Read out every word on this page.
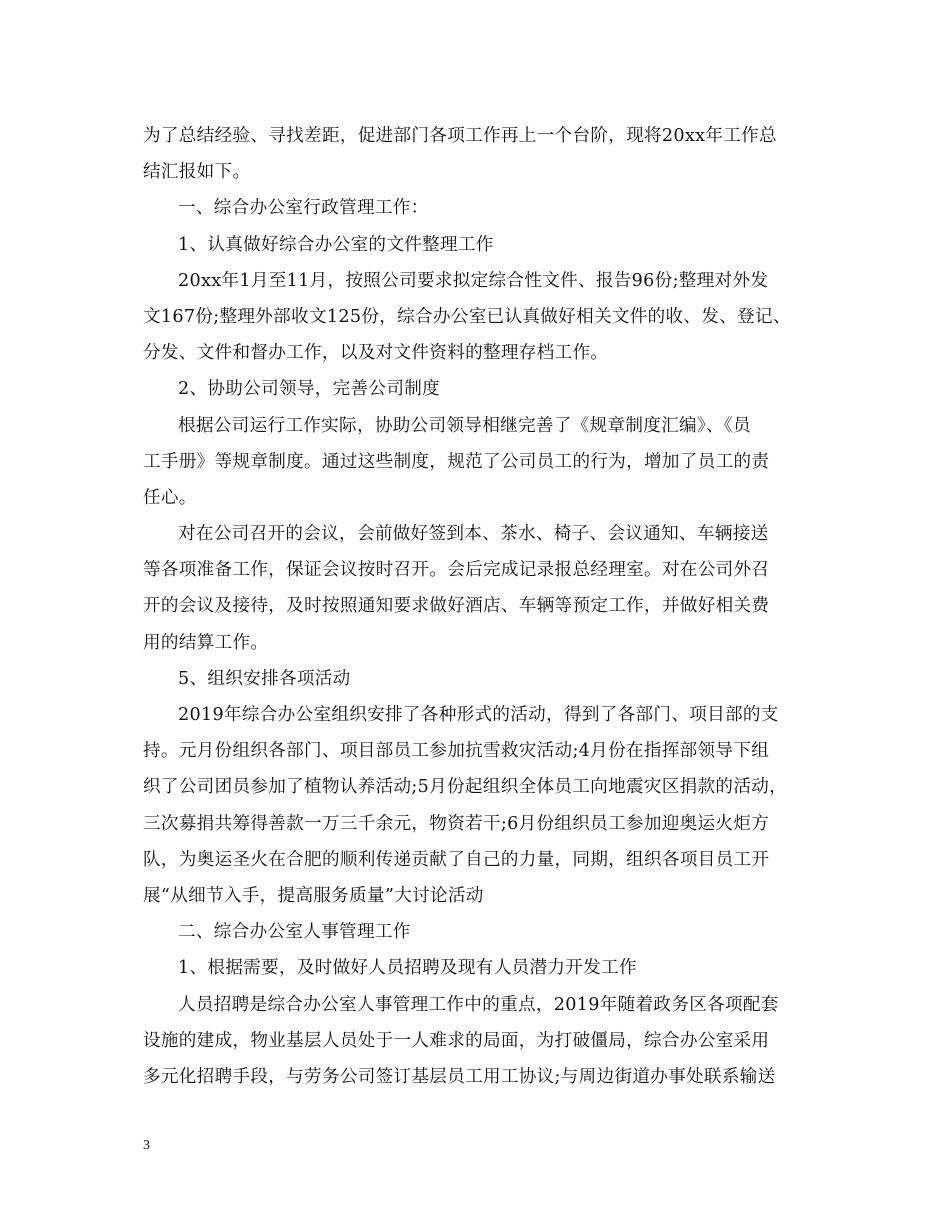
为了总结经验、寻找差距，促进部门各项工作再上一个台阶，现将20xx年工作总
结汇报如下。
一、综合办公室行政管理工作：
1、认真做好综合办公室的文件整理工作
20xx年1月至11月，按照公司要求拟定综合性文件、报告96份;整理对外发
文167份;整理外部收文125份，综合办公室已认真做好相关文件的收、发、登记、
分发、文件和督办工作，以及对文件资料的整理存档工作。
2、协助公司领导，完善公司制度
根据公司运行工作实际，协助公司领导相继完善了《规章制度汇编》、《员
工手册》等规章制度。通过这些制度，规范了公司员工的行为，增加了员工的责
任心。
对在公司召开的会议，会前做好签到本、茶水、椅子、会议通知、车辆接送
等各项准备工作，保证会议按时召开。会后完成记录报总经理室。对在公司外召
开的会议及接待，及时按照通知要求做好酒店、车辆等预定工作，并做好相关费
用的结算工作。
5、组织安排各项活动
2019年综合办公室组织安排了各种形式的活动，得到了各部门、项目部的支
持。元月份组织各部门、项目部员工参加抗雪救灾活动;4月份在指挥部领导下组
织了公司团员参加了植物认养活动;5月份起组织全体员工向地震灾区捐款的活动，
三次募捐共筹得善款一万三千余元，物资若干;6月份组织员工参加迎奥运火炬方
队，为奥运圣火在合肥的顺利传递贡献了自己的力量，同期，组织各项目员工开
展“从细节入手，提高服务质量”大讨论活动
二、综合办公室人事管理工作
1、根据需要，及时做好人员招聘及现有人员潜力开发工作
人员招聘是综合办公室人事管理工作中的重点，2019年随着政务区各项配套
设施的建成，物业基层人员处于一人难求的局面，为打破僵局，综合办公室采用
多元化招聘手段，与劳务公司签订基层员工用工协议;与周边街道办事处联系输送
3
